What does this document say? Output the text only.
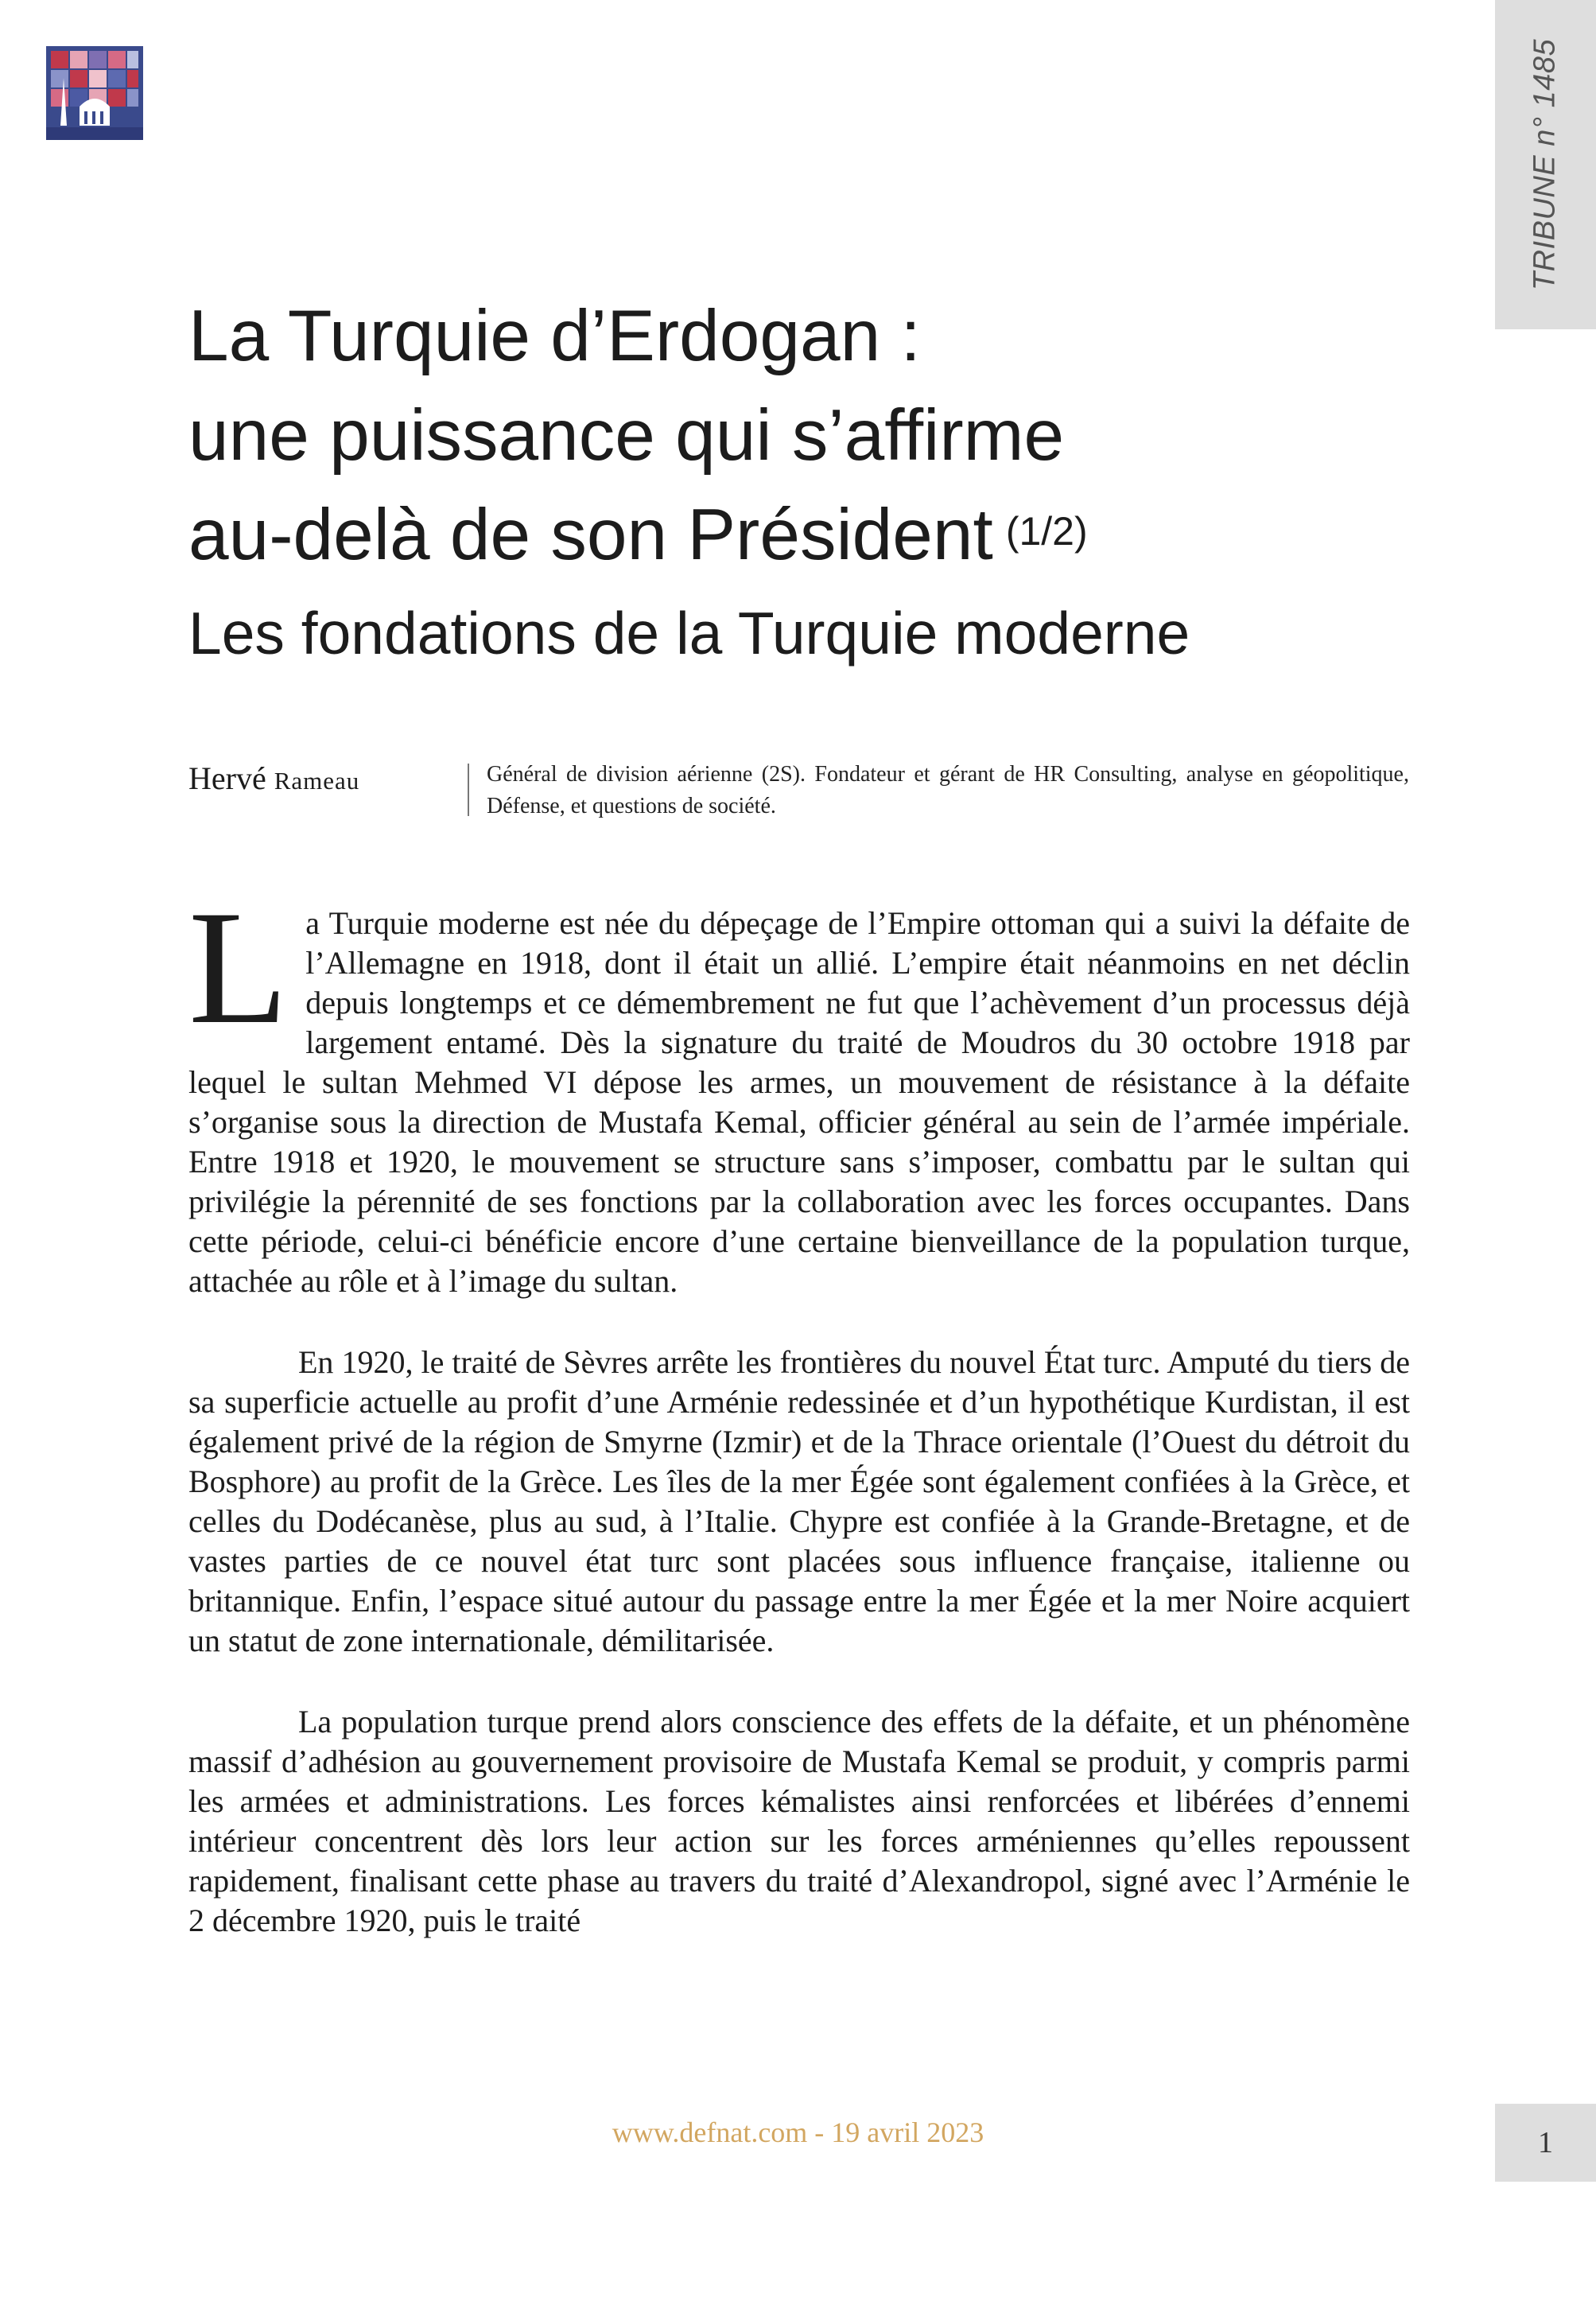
TRIBUNE n° 1485
La Turquie d’Erdogan :
une puissance qui s’affirme
au-delà de son Président $^{(1/2)}$
Les fondations de la Turquie moderne
Hervé Rameau	Général de division aérienne (2S). Fondateur et gérant de HR Consulting, analyse en géopolitique, Défense, et questions de société.

La Turquie moderne est née du dépeçage de l’Empire ottoman qui a suivi la défaite de l’Allemagne en 1918, dont il était un allié. L’empire était néanmoins en net déclin depuis longtemps et ce démembrement ne fut que l’achèvement d’un processus déjà largement entamé. Dès la signature du traité de Moudros du 30 octobre 1918 par lequel le sultan Mehmed VI dépose les armes, un mouvement de résistance à la défaite s’organise sous la direction de Mustafa Kemal, officier général au sein de l’armée impériale. Entre 1918 et 1920, le mouvement se structure sans s’imposer, combattu par le sultan qui privilégie la pérennité de ses fonctions par la collaboration avec les forces occupantes. Dans cette période, celui-ci bénéficie encore d’une certaine bienveillance de la population turque, attachée au rôle et à l’image du sultan.

En 1920, le traité de Sèvres arrête les frontières du nouvel État turc. Amputé du tiers de sa superficie actuelle au profit d’une Arménie redessinée et d’un hypothétique Kurdistan, il est également privé de la région de Smyrne (Izmir) et de la Thrace orientale (l’Ouest du détroit du Bosphore) au profit de la Grèce. Les îles de la mer Égée sont également confiées à la Grèce, et celles du Dodécanèse, plus au sud, à l’Italie. Chypre est confiée à la Grande-Bretagne, et de vastes parties de ce nouvel état turc sont placées sous influence française, italienne ou britannique. Enfin, l’espace situé autour du passage entre la mer Égée et la mer Noire acquiert un statut de zone internationale, démilitarisée.

La population turque prend alors conscience des effets de la défaite, et un phénomène massif d’adhésion au gouvernement provisoire de Mustafa Kemal se produit, y compris parmi les armées et administrations. Les forces kémalistes ainsi renforcées et libérées d’ennemi intérieur concentrent dès lors leur action sur les forces arméniennes qu’elles repoussent rapidement, finalisant cette phase au travers du traité d’Alexandropol, signé avec l’Arménie le 2 décembre 1920, puis le traité

www.defnat.com - 19 avril 2023	1
